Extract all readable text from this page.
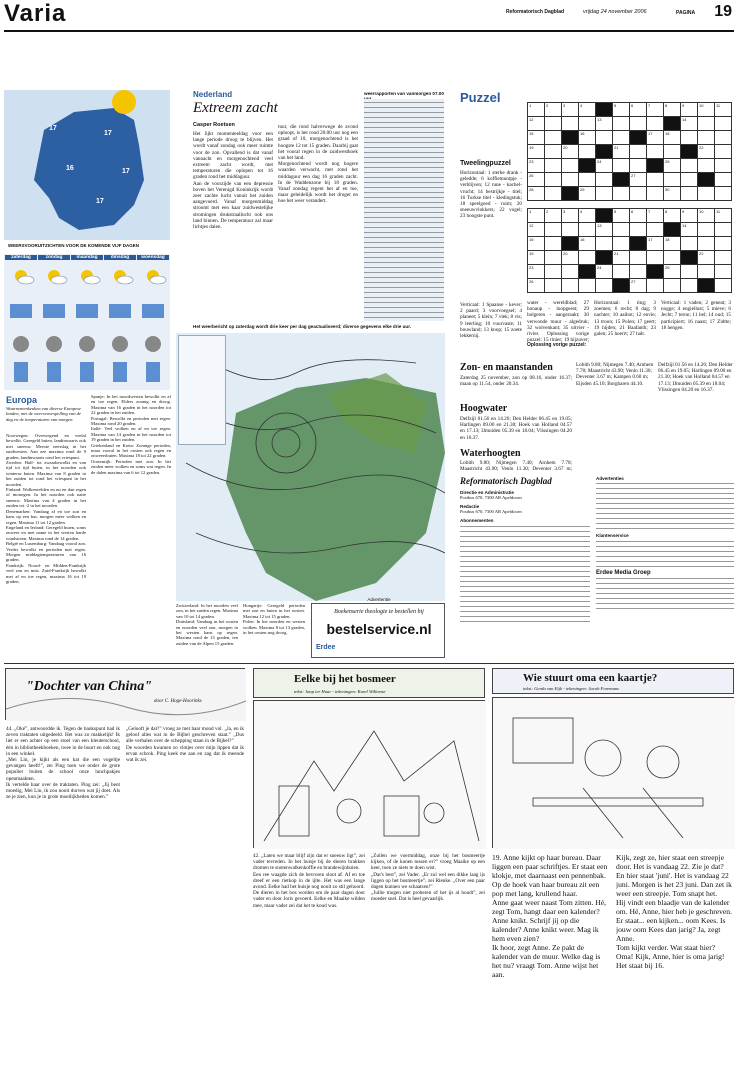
Varia	Reformatorisch Dagblad	vrijdag 24 november 2006	PAGINA 19
17
17
16	17
17
WEERSVOORUITZICHTEN VOOR DE KOMENDE VIJF DAGEN
zaterdag	zondag	maandag	dinsdag	woensdag
Europa
Waarnemenkeuken van diverse Europese landen, met de weersvoorspelling van de dag en de temperaturen van morgen.

Noorwegen: Overwegend en veelal bewolkt. Geregeld buien, landinwaarts ook met sneeuw. Meeste neerslag in het zuidwesten. Aan zee maxima rond de 9 graden, landinwaarts rond het vriespunt.

Zweden: Half- tot zwaarbewolkt en van tijd tot tijd buien, in het noorden ook winterse buien. Maxima van 8 graden in het zuiden tot rond het vriespunt in het noorden.

Finland: Wolkenvelden en nu en dan regen of motregen. In het noorden ook natte sneeuw. Maxima van 4 graden in het zuiden tot -2 in het noorden.

Denemarken: Vandaag af en toe zon en kans op een bui, morgen meer wolken en regen. Maxima 11 tot 12 graden.

Engeland en Ierland: Geregeld buien, soms onweer en met name in het westen harde windstoten. Maxima rond de 14 graden.

België en Luxemburg: Vandaag vooral zon. Verder bewolkt en perioden met regen. Morgen middagtemperaturen van 16 graden.

Frankrijk: Noord- en Midden-Frankrijk veel zon en mist. Zuid-Frankrijk bewolkt met af en toe regen, maxima 16 tot 19 graden.

Spanje: In het noordwesten bewolkt en af en toe regen. Elders zonnig en droog. Maxima van 16 graden in het noorden tot 22 graden in het zuiden.

Portugal: Bewolkt en perioden met regen. Maxima rond 20 graden.

Italië: Veel wolken en af en toe regen. Maxima van 14 graden in het noorden tot 19 graden in het zuiden.

Griekenland en Kreta: Zonnige perioden, maar vooral in het oosten ook regen en onweersbuien. Maxima 18 tot 22 graden.

Oostenrijk: Perioden met zon. In het zuiden meer wolken en soms wat regen. In de dalen maxima van 6 tot 12 graden.

Zwitserland: In het noorden veel zon, in het zuiden regen. Maxima van 10 tot 14 graden.

Duitsland: Vandaag in het oosten en noorden veel zon, morgen in het westen kans op regen. Maxima rond de 13 graden, ten zuiden van de Alpen 15 graden.

Hongarije: Geregeld perioden met zon en buien in het oosten. Maxima 12 tot 15 graden.

Polen: In het noorden en westen wolken. Maxima 8 tot 13 graden, in het oosten nog droog.

Nederland
Extreem zacht
Casper Roetsen

Het lijkt momenteeldag voor een lange periode droog te blijven. Het wordt vanaf zondag ook meer ruimte voor de zon. Opvallend is dat vanaf vannacht en morgenochtend veel extreem zacht wordt, met temperaturen die oplopen tot 16 graden rond het middaguur.

Aan de voorzijde van een depressie boven het Verenigd Koninkrijk wordt zeer zachte lucht vanuit het zuiden aangevoerd. Vanaf morgenmiddag stroomt met een kaar zuidwestelijke stromingen drukstraallucht ook ons land binnen. De temperatuur zal maar lichtjes dalen.

tuur, die rond halverwege de avond oploopt, is het rond 20.00 uur nog een graad of 10, morgenochtend is het hoogste 12 tot 15 graden. Daarbij gaat het vooral regen in de zuidwesthoek van het land.

Morgenochtend wordt nog hogere waarden verwacht, met rond het middaguur een dag 16 graden zacht. In de Waddenzone bij 18 graden. Vanaf zondag regent het af en toe, maar geleidelijk wordt het droger en hoe het weer verandert.

weerrapporten van vanmorgen 07.00
Het weerbericht op zaterdag wordt drie keer per dag geactualiseerd; diverse gegevens elke drie uur.
Puzzel
1	2	3	4		5	6	7	8	9	10	11
12				13					14		
15			16				17	18			
19		20			21					22	
23				24				25			
26						27					
28			29					30			
1	2	3	4		5	6	7	8	9	10	11
12				13					14		
15			16				17	18			
19		20			21					22	
23				24				25			
26						27					
Tweelingpuzzel
Horizontaal: 1 sterke drank - geledde; 6 koffiemuntpje - verblijven; 12 rune - kachel-vrucht; 14 bestrijkje - titel; 16 Turkse titel - kledingstuk; 18 speelgoed - ruim; 20 sneeuwvlokkers; 22 vogel; 23 hoogste punt.
Verticaal: 1 Spaanse - kever; 2 paard; 3 voorvoegsel; 4 planeet; 5 klein; 7 vlek; 8 vis; 9 leerling; 10 vuurvaste; 11 bouwland; 13 knop; 15 zoete lekkernij.
water - wereldblad; 27 honaup - loopgeest; 29 bolgeren - aangeraakt; 30 verwonde muur - algedruk; 32 wolvenkant; 35 uitvier - rivier. Oplossing vorige puzzel: 15 rinier; 19 bijzuver;
Oplossing vorige puzzel:
Horizontaal: 1 ring; 3 zoemen; 6 recht; 8 dag; 9 nachter; 10 aaihot; 12 envie; 13 troon; 15 Polen; 17 geert; 19 hijden; 21 Baafanth; 23 galen; 25 hoerrt; 27 halt.
Verticaal: 1 vaden; 2 geneat; 3 nogge; 4 engiellust; 5 mieve; 6 Jecht; 7 ternn; 11 bel; 14 oud; 15 participiert; 16 naast; 17 Zidtte; 18 hengen.
Zon- en maanstanden
Zaterdag 25 november, zon op 08.16, onder 16.37; maan op 11.54, onder 20.34.
Hoogwater
Delfzijl 01.56 en 14.26; Den Helder 06.45 en 19.05; Harlingen 09.00 en 21.30; Hoek van Holland 04.57 en 17.13; IJmuiden 05.39 en 18.04; Vlissingen 04.20 en 16.37.
Waterhoogten
Lobith 9.80; Nijmegen 7.40; Arnhem 7.78; Maastricht 43.90; Venlo 11.30; Deventer 3.67 m;
Lobith 9.80; Nijmegen 7.40; Arnhem 7.78; Maastricht 43.90; Venlo 11.30; Deventer 3.67 m; Kampen 0.60 m; Eijsden 45.10; Borgharen 44.10.
Delfzijl 01.56 en 14.26; Den Helder 06.45 en 19.05; Harlingen 09.00 en 21.30; Hoek van Holland 04.57 en 17.13; IJmuiden 05.39 en 18.04; Vlissingen 04.20 en 16.37.
Reformatorisch Dagblad

Directie en Administratie

Postbus 670, 7300 AR Apeldoorn

Redactie

Postbus 670, 7300 AR Apeldoorn

Abonnementen

Advertenties

Klantenservice

Erdee Media Groep

Advertentie
Boekenserie theologie te bestellen bij
bestelservice.nl
Erdee
"Dochter van China"
door C. Hoge-Hoorinks

44. „Oké”, antwoordde ik. Tegen de bankspunt had ik zeven traktaten uitgedeeld. Het was zo makkelijk! Ik liet er een achter op een stoel van een kleuterschool, één in bibliotheekboeken, twee in de buurt en ook nog in een winkel.

„Mei Lin, je kijkt als een kat die een vogeltje gevangen heeft!”, zei Ping toen we onder de grote populier buiten de school onze lunchpakjes openmaakten.

Ik vertelde haar over de traktaten. Ping zei: „Jij bent moedig, Mei Lin, ik zou nooit durven wat jij doet. Als ze je zien, kun je in grote moeilijkheden komen.”

„Gelooft je dat?” vroeg ze met haar mond vol. „Ja, en ik geloof alles wat in de Bijbel geschreven staat.” „Dus alle verhalen over de schepping staan in de Bijbel?”

De woorden kwamen zo vlotjes over mijn lippen dat ik ervan schrok. Ping keek me aan en zag dat ik meende wat ik zei.

Eelke bij het bosmeer
tekst: Jaap ter Haar - tekeningen: Karel Willemse

42. „Laten we maar blijf zijn dat er sneeuw ligt”, zei vader tevreden. In het huisje bij de dieren brakken dromen te snotenwalkenkoffie en brandewijnbuien.

Een ree waagde zich de bevroren sloot af. Af en toe dreef er een rietkop in de ijlte. Het was een lange avond. Eelke had het huisje nog nooit zo stil gehoord.

De dieren in het bos worden om de paar dagen door vader en door Joris gevoerd. Eelke en Maaike wilden mee, maar vader zei dat het te koud was.

„Zullen we voermiddag, onze bij het bosmeertje kijken, of de konen tussen er?” vroeg Maaike op een keer, toen ze niets te doen wist.

„Dat's best”, zei Vader. „Er zul wel een dikke laag ijs liggen op het bosmeertje”, zei Rienke. „Over een paar dagen kunnen we schaatsen!”

„Jullie mogen niet proberen of het ijs al houdt”, zei moeder snel. Dat is heel gevaarlijk.

Wie stuurt oma een kaartje?
tekst: Gerda van Eijk - tekeningen: Jacob Foremans

19. Anne kijkt op haar bureau. Daar liggen een paar schriftjes. Er staat een klokje, met daarnaast een pennenbak. Op de hoek van haar bureau zit een pop met lang, krullend haar.

Anne gaat weer naast Tom zitten. Hé, zegt Tom, hangt daar een kalender? Anne knikt. Schrijf jij op die kalender? Anne knikt weer. Mag ik hem even zien?

Ik hoor, zegt Anne. Ze pakt de kalender van de muur. Welke dag is het nu? vraagt Tom. Anne wijst het aan.

Kijk, zegt ze, hier staat een streepje door. Het is vandaag 22. Zie je dat? En hier staat 'juni'. Het is vandaag 22 juni. Morgen is het 23 juni. Dan zet ik weer een streepje. Tom snapt het.

Hij vindt een blaadje van de kalender om. Hé, Anne, hier heb je geschreven. Er staat... een kijken... oom Kees. Is jouw oom Kees dan jarig? Ja, zegt Anne.

Tom kijkt verder. Wat staat hier? Oma! Kijk, Anne, hier is oma jarig! Het staat bij 16.
